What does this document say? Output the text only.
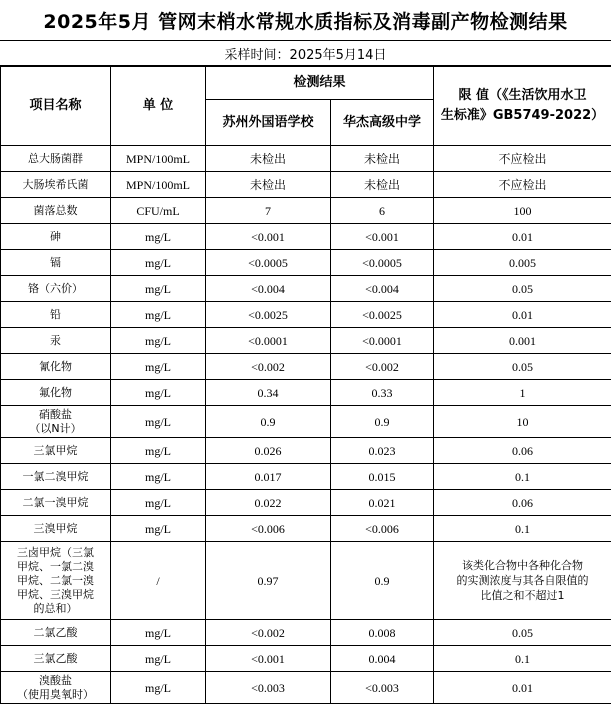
2025年5月 管网末梢水常规水质指标及消毒副产物检测结果
采样时间：2025年5月14日
项目名称	单 位	检测结果		限 值（《生活饮用水卫
生标准》GB5749-2022）

		苏州外国语学校	华杰高级中学	
总大肠菌群	MPN/100mL	未检出	未检出	不应检出
大肠埃希氏菌	MPN/100mL	未检出	未检出	不应检出
菌落总数	CFU/mL	7	6	100
砷	mg/L	<0.001	<0.001	0.01
镉	mg/L	<0.0005	<0.0005	0.005
铬（六价）	mg/L	<0.004	<0.004	0.05
铅	mg/L	<0.0025	<0.0025	0.01
汞	mg/L	<0.0001	<0.0001	0.001
氰化物	mg/L	<0.002	<0.002	0.05
氟化物	mg/L	0.34	0.33	1
硝酸盐
（以N计）	mg/L	0.9	0.9	10
三氯甲烷	mg/L	0.026	0.023	0.06
一氯二溴甲烷	mg/L	0.017	0.015	0.1
二氯一溴甲烷	mg/L	0.022	0.021	0.06
三溴甲烷	mg/L	<0.006	<0.006	0.1
三卤甲烷（三氯
甲烷、一氯二溴
甲烷、二氯一溴
甲烷、三溴甲烷
的总和）	/	0.97	0.9	该类化合物中各种化合物
的实测浓度与其各自限值的
比值之和不超过1
二氯乙酸	mg/L	<0.002	0.008	0.05
三氯乙酸	mg/L	<0.001	0.004	0.1
溴酸盐
（使用臭氧时）	mg/L	<0.003	<0.003	0.01
